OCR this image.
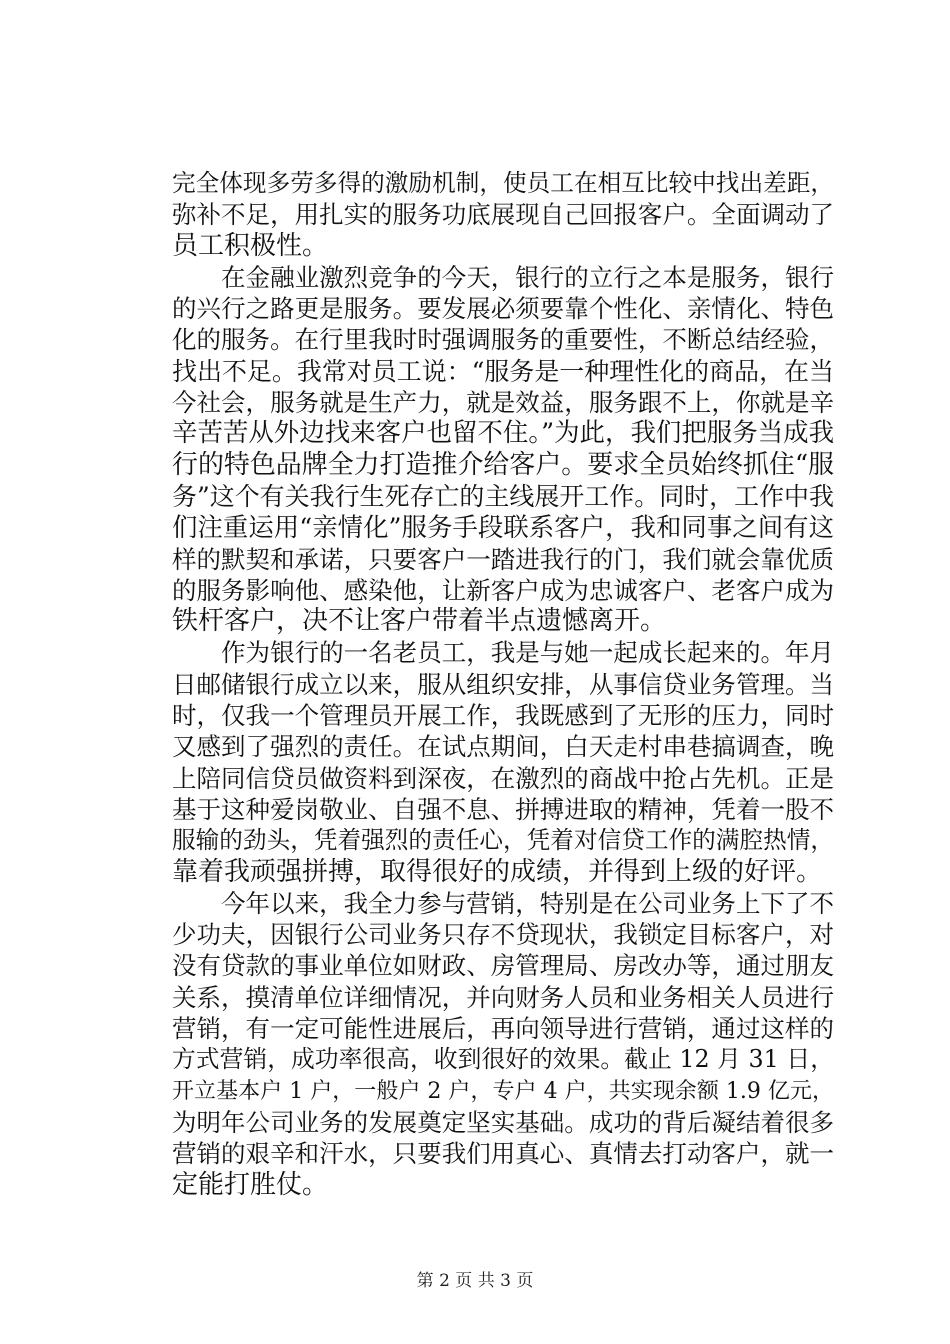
完全体现多劳多得的激励机制，使员工在相互比较中找出差距，
弥补不足，用扎实的服务功底展现自己回报客户。全面调动了
员工积极性。
　　在金融业激烈竞争的今天，银行的立行之本是服务，银行
的兴行之路更是服务。要发展必须要靠个性化、亲情化、特色
化的服务。在行里我时时强调服务的重要性，不断总结经验，
找出不足。我常对员工说：“服务是一种理性化的商品，在当
今社会，服务就是生产力，就是效益，服务跟不上，你就是辛
辛苦苦从外边找来客户也留不住。”为此，我们把服务当成我
行的特色品牌全力打造推介给客户。要求全员始终抓住“服
务”这个有关我行生死存亡的主线展开工作。同时，工作中我
们注重运用“亲情化”服务手段联系客户，我和同事之间有这
样的默契和承诺，只要客户一踏进我行的门，我们就会靠优质
的服务影响他、感染他，让新客户成为忠诚客户、老客户成为
铁杆客户，决不让客户带着半点遗憾离开。
　　作为银行的一名老员工，我是与她一起成长起来的。年月
日邮储银行成立以来，服从组织安排，从事信贷业务管理。当
时，仅我一个管理员开展工作，我既感到了无形的压力，同时
又感到了强烈的责任。在试点期间，白天走村串巷搞调查，晚
上陪同信贷员做资料到深夜，在激烈的商战中抢占先机。正是
基于这种爱岗敬业、自强不息、拼搏进取的精神，凭着一股不
服输的劲头，凭着强烈的责任心，凭着对信贷工作的满腔热情，
靠着我顽强拼搏，取得很好的成绩，并得到上级的好评。
　　今年以来，我全力参与营销，特别是在公司业务上下了不
少功夫，因银行公司业务只存不贷现状，我锁定目标客户，对
没有贷款的事业单位如财政、房管理局、房改办等，通过朋友
关系，摸清单位详细情况，并向财务人员和业务相关人员进行
营销，有一定可能性进展后，再向领导进行营销，通过这样的
方式营销，成功率很高，收到很好的效果。截止 12 月 31 日，
开立基本户 1 户，一般户 2 户，专户 4 户，共实现余额 1.9 亿元，
为明年公司业务的发展奠定坚实基础。成功的背后凝结着很多
营销的艰辛和汗水，只要我们用真心、真情去打动客户，就一
定能打胜仗。
第 2 页 共 3 页
